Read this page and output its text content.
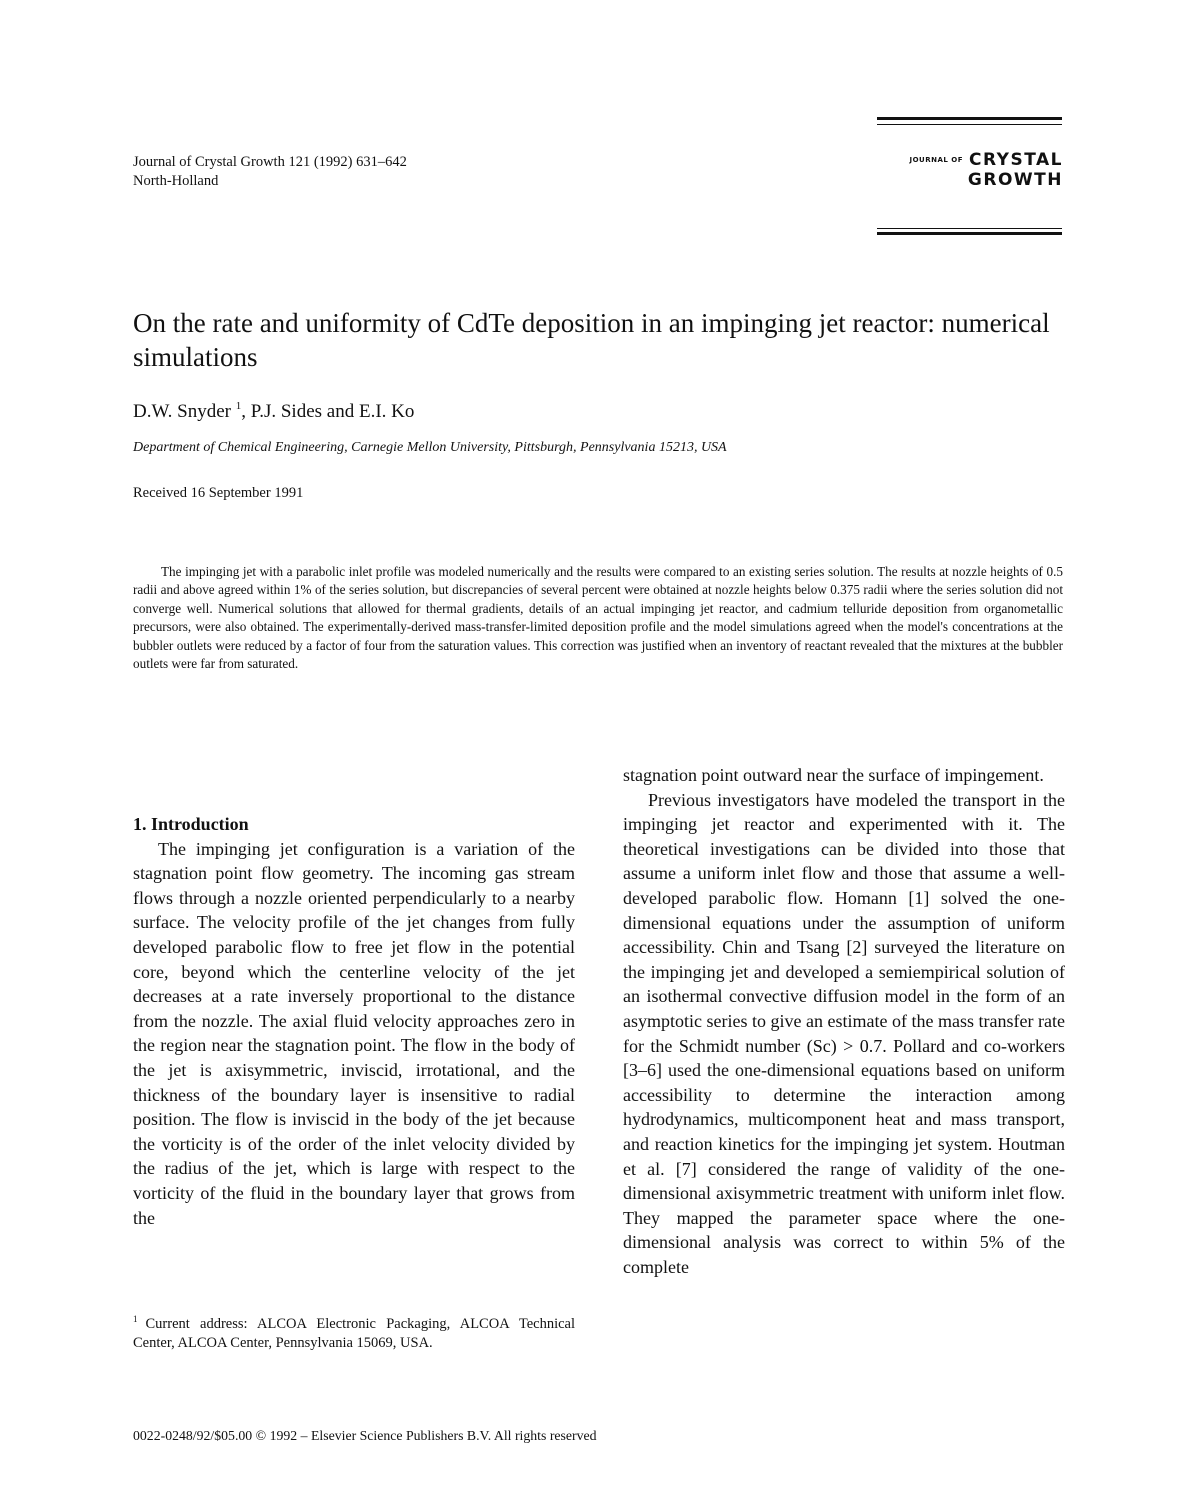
Journal of Crystal Growth 121 (1992) 631–642
North-Holland
JOURNAL OF CRYSTAL
GROWTH
On the rate and uniformity of CdTe deposition in an impinging jet reactor: numerical simulations
D.W. Snyder $^1$, P.J. Sides and E.I. Ko
Department of Chemical Engineering, Carnegie Mellon University, Pittsburgh, Pennsylvania 15213, USA
Received 16 September 1991

The impinging jet with a parabolic inlet profile was modeled numerically and the results were compared to an existing series solution. The results at nozzle heights of 0.5 radii and above agreed within 1% of the series solution, but discrepancies of several percent were obtained at nozzle heights below 0.375 radii where the series solution did not converge well. Numerical solutions that allowed for thermal gradients, details of an actual impinging jet reactor, and cadmium telluride deposition from organometallic precursors, were also obtained. The experimentally-derived mass-transfer-limited deposition profile and the model simulations agreed when the model's concentrations at the bubbler outlets were reduced by a factor of four from the saturation values. This correction was justified when an inventory of reactant revealed that the mixtures at the bubbler outlets were far from saturated.

1. Introduction

The impinging jet configuration is a variation of the stagnation point flow geometry. The incoming gas stream flows through a nozzle oriented perpendicularly to a nearby surface. The velocity profile of the jet changes from fully developed parabolic flow to free jet flow in the potential core, beyond which the centerline velocity of the jet decreases at a rate inversely proportional to the distance from the nozzle. The axial fluid velocity approaches zero in the region near the stagnation point. The flow in the body of the jet is axisymmetric, inviscid, irrotational, and the thickness of the boundary layer is insensitive to radial position. The flow is inviscid in the body of the jet because the vorticity is of the order of the inlet velocity divided by the radius of the jet, which is large with respect to the vorticity of the fluid in the boundary layer that grows from the

stagnation point outward near the surface of impingement.

Previous investigators have modeled the transport in the impinging jet reactor and experimented with it. The theoretical investigations can be divided into those that assume a uniform inlet flow and those that assume a well-developed parabolic flow. Homann [1] solved the one-dimensional equations under the assumption of uniform accessibility. Chin and Tsang [2] surveyed the literature on the impinging jet and developed a semiempirical solution of an isothermal convective diffusion model in the form of an asymptotic series to give an estimate of the mass transfer rate for the Schmidt number (Sc) > 0.7. Pollard and co-workers [3–6] used the one-dimensional equations based on uniform accessibility to determine the interaction among hydrodynamics, multicomponent heat and mass transport, and reaction kinetics for the impinging jet system. Houtman et al. [7] considered the range of validity of the one-dimensional axisymmetric treatment with uniform inlet flow. They mapped the parameter space where the one-dimensional analysis was correct to within 5% of the complete

$^1$ Current address: ALCOA Electronic Packaging, ALCOA Technical Center, ALCOA Center, Pennsylvania 15069, USA.
0022-0248/92/$05.00 © 1992 – Elsevier Science Publishers B.V. All rights reserved
